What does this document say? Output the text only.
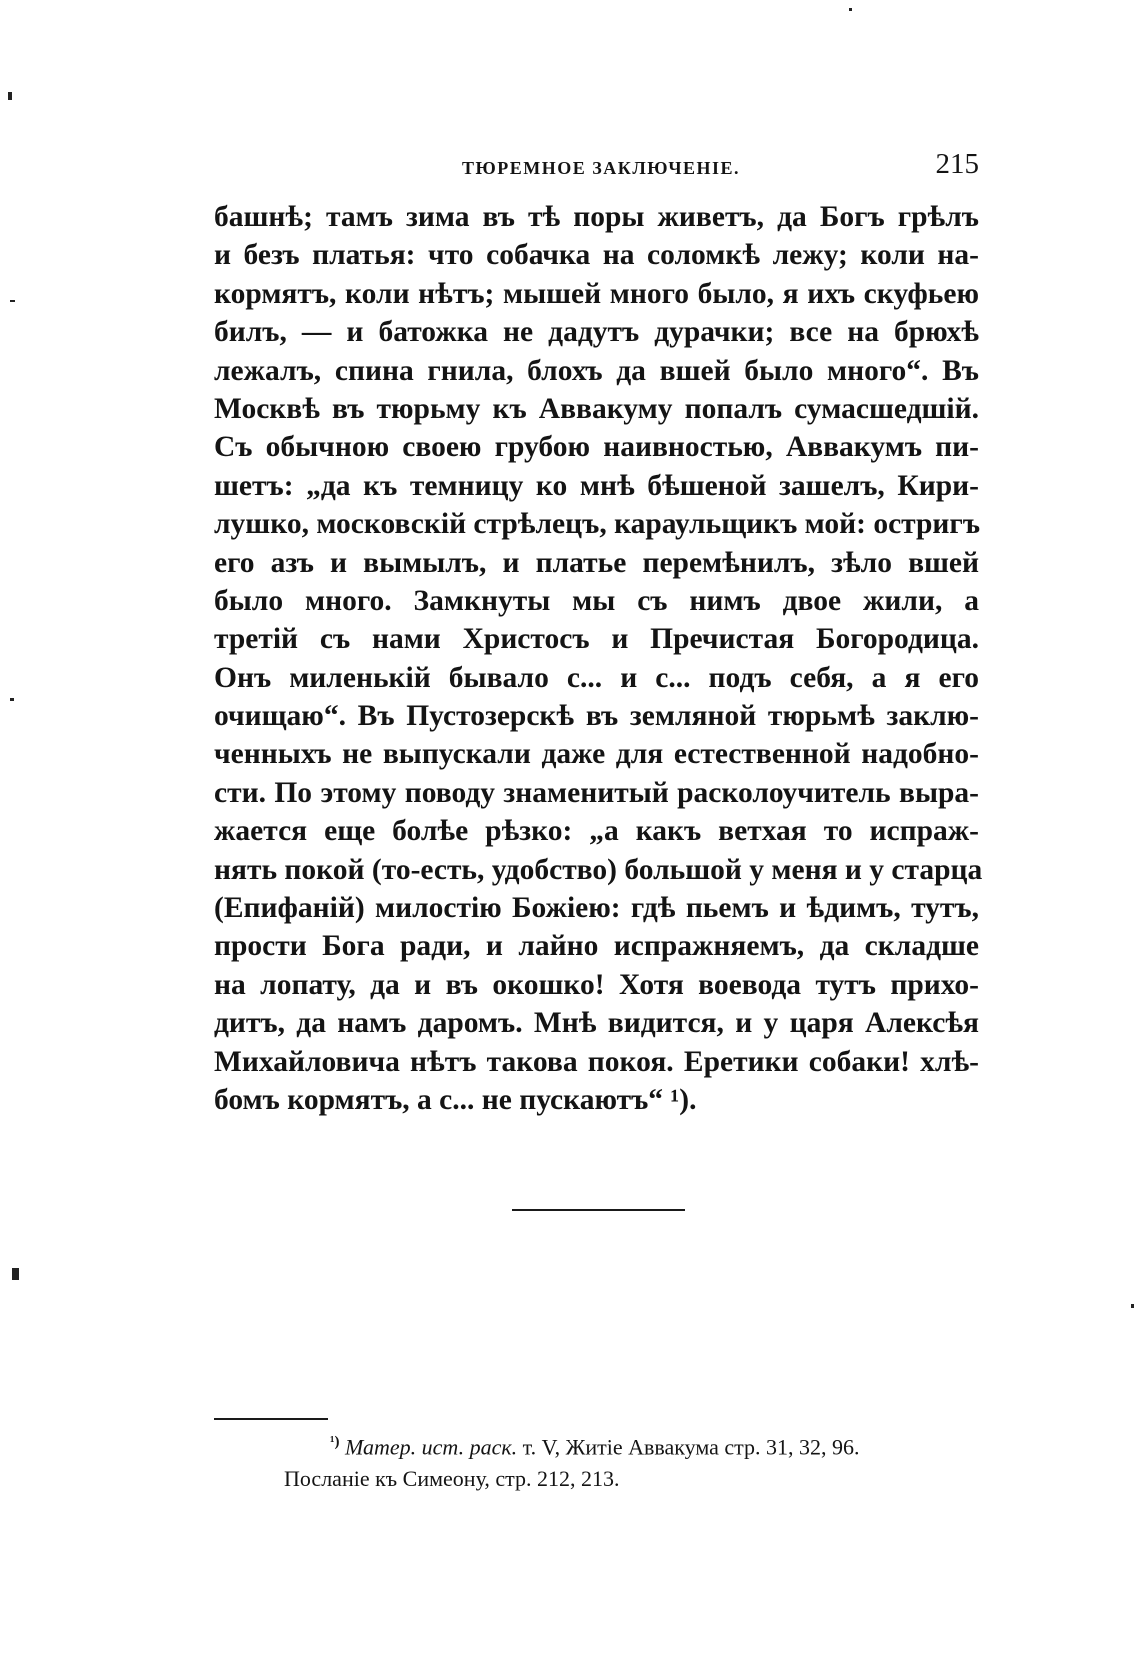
ТЮРЕМНОЕ ЗАКЛЮЧЕНІЕ.	215
башнѣ; тамъ зима въ тѣ поры живетъ, да Богъ грѣлъ
и безъ платья: что собачка на соломкѣ лежу; коли на-
кормятъ, коли нѣтъ; мышей много было, я ихъ скуфьею
билъ, — и батожка не дадутъ дурачки; все на брюхѣ
лежалъ, спина гнила, блохъ да вшей было много“. Въ
Москвѣ въ тюрьму къ Аввакуму попалъ сумасшедшій.
Съ обычною своею грубою наивностью, Аввакумъ пи-
шетъ: „да къ темницу ко мнѣ бѣшеной зашелъ, Кири-
лушко, московскій стрѣлецъ, караульщикъ мой: остригъ
его азъ и вымылъ, и платье перемѣнилъ, зѣло вшей
было много. Замкнуты мы съ нимъ двое жили, а
третій съ нами Христосъ и Пречистая Богородица.
Онъ миленькій бывало с... и с... подъ себя, а я его
очищаю“. Въ Пустозерскѣ въ земляной тюрьмѣ заклю-
ченныхъ не выпускали даже для естественной надобно-
сти. По этому поводу знаменитый расколоучитель выра-
жается еще болѣе рѣзко: „а какъ ветхая то испраж-
нять покой (то-есть, удобство) большой у меня и у старца
(Епифаній) милостію Божіею: гдѣ пьемъ и ѣдимъ, тутъ,
прости Бога ради, и лайно испражняемъ, да складше
на лопату, да и въ окошко! Хотя воевода тутъ прихо-
дитъ, да намъ даромъ. Мнѣ видится, и у царя Алексѣя
Михайловича нѣтъ такова покоя. Еретики собаки! хлѣ-
бомъ кормятъ, а с... не пускаютъ“ ¹).
$^{^1)}$ Матер. ист. раск. т. V, Житіе Аввакума стр. 31, 32, 96.
Посланіе къ Симеону, стр. 212, 213.
